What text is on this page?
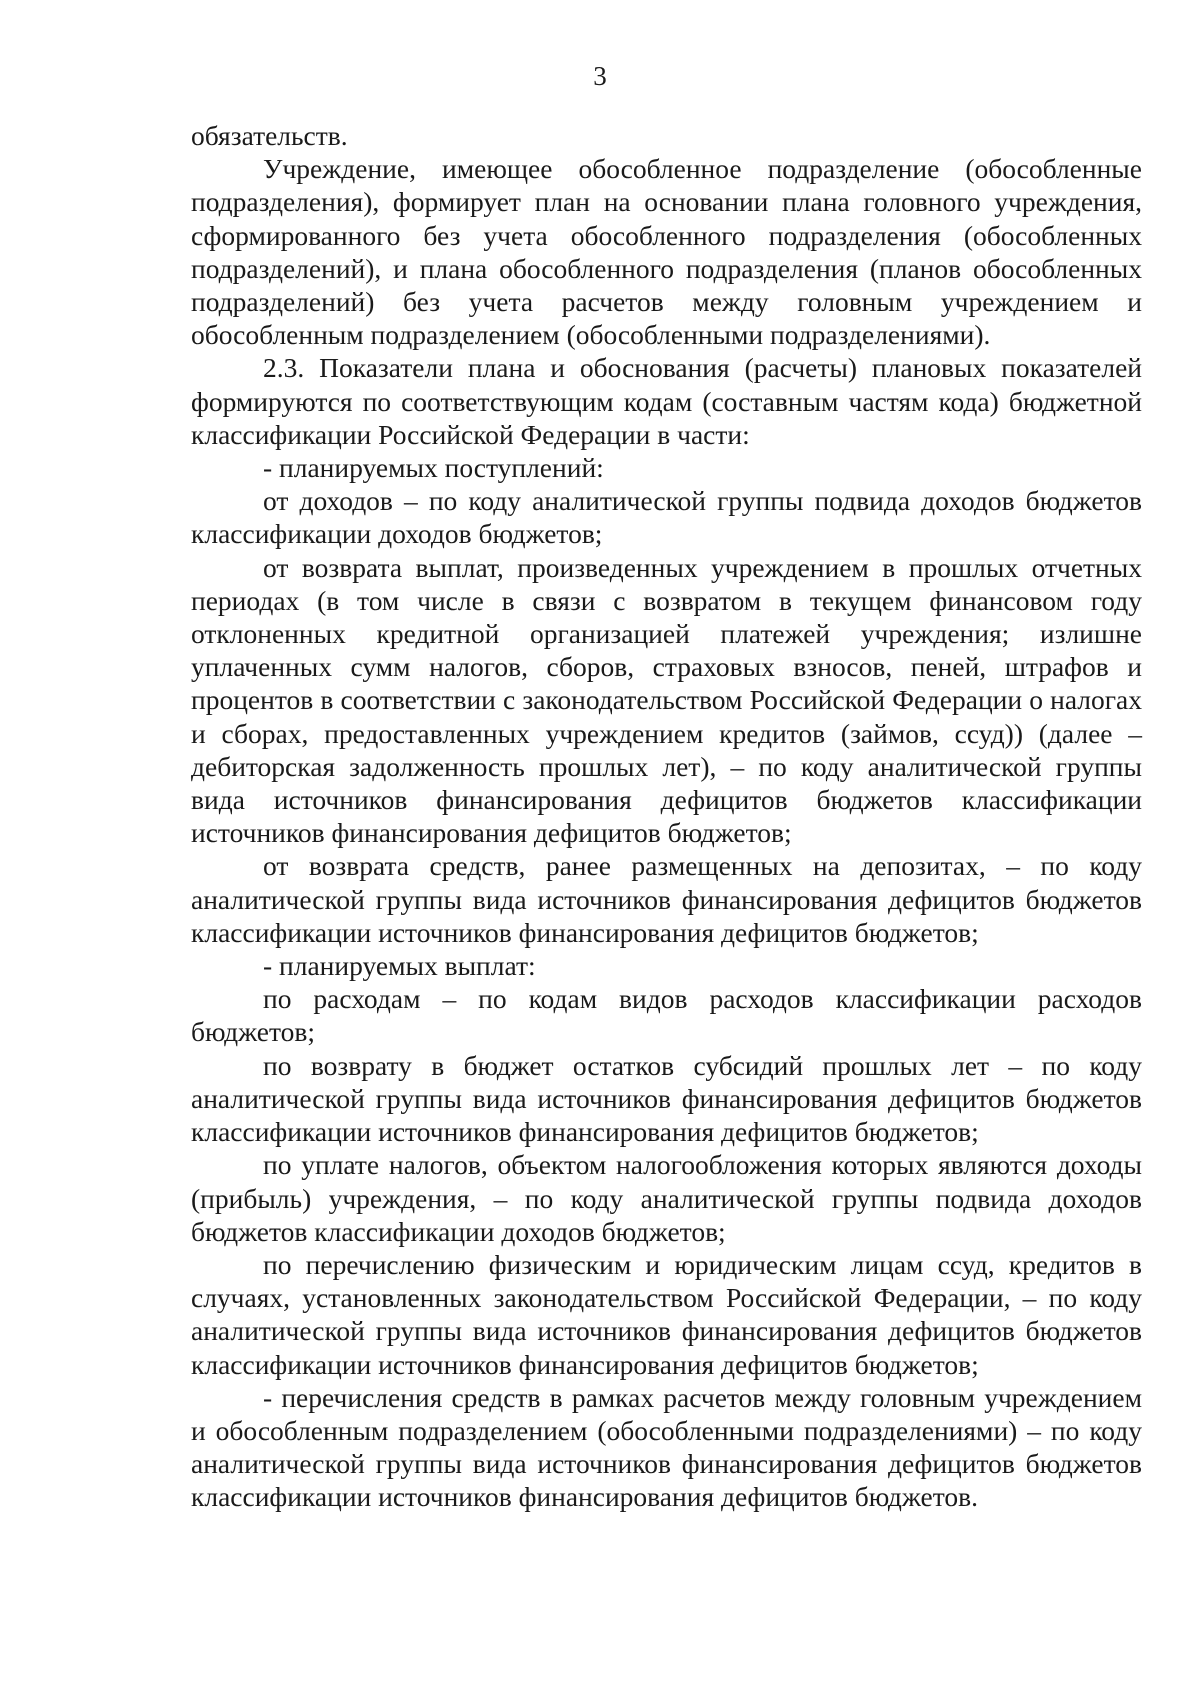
3

обязательств.

Учреждение, имеющее обособленное подразделение (обособленные подразделения), формирует план на основании плана головного учреждения, сформированного без учета обособленного подразделения (обособленных подразделений), и плана обособленного подразделения (планов обособленных подразделений) без учета расчетов между головным учреждением и обособленным подразделением (обособленными подразделениями).

2.3. Показатели плана и обоснования (расчеты) плановых показателей формируются по соответствующим кодам (составным частям кода) бюджетной классификации Российской Федерации в части:

- планируемых поступлений:

от доходов – по коду аналитической группы подвида доходов бюджетов классификации доходов бюджетов;

от возврата выплат, произведенных учреждением в прошлых отчетных периодах (в том числе в связи с возвратом в текущем финансовом году отклоненных кредитной организацией платежей учреждения; излишне уплаченных сумм налогов, сборов, страховых взносов, пеней, штрафов и процентов в соответствии с законодательством Российской Федерации о налогах и сборах, предоставленных учреждением кредитов (займов, ссуд)) (далее – дебиторская задолженность прошлых лет), – по коду аналитической группы вида источников финансирования дефицитов бюджетов классификации источников финансирования дефицитов бюджетов;

от возврата средств, ранее размещенных на депозитах, – по коду аналитической группы вида источников финансирования дефицитов бюджетов классификации источников финансирования дефицитов бюджетов;

- планируемых выплат:

по расходам – по кодам видов расходов классификации расходов бюджетов;

по возврату в бюджет остатков субсидий прошлых лет – по коду аналитической группы вида источников финансирования дефицитов бюджетов классификации источников финансирования дефицитов бюджетов;

по уплате налогов, объектом налогообложения которых являются доходы (прибыль) учреждения, – по коду аналитической группы подвида доходов бюджетов классификации доходов бюджетов;

по перечислению физическим и юридическим лицам ссуд, кредитов в случаях, установленных законодательством Российской Федерации, – по коду аналитической группы вида источников финансирования дефицитов бюджетов классификации источников финансирования дефицитов бюджетов;

- перечисления средств в рамках расчетов между головным учреждением и обособленным подразделением (обособленными подразделениями) – по коду аналитической группы вида источников финансирования дефицитов бюджетов классификации источников финансирования дефицитов бюджетов.
